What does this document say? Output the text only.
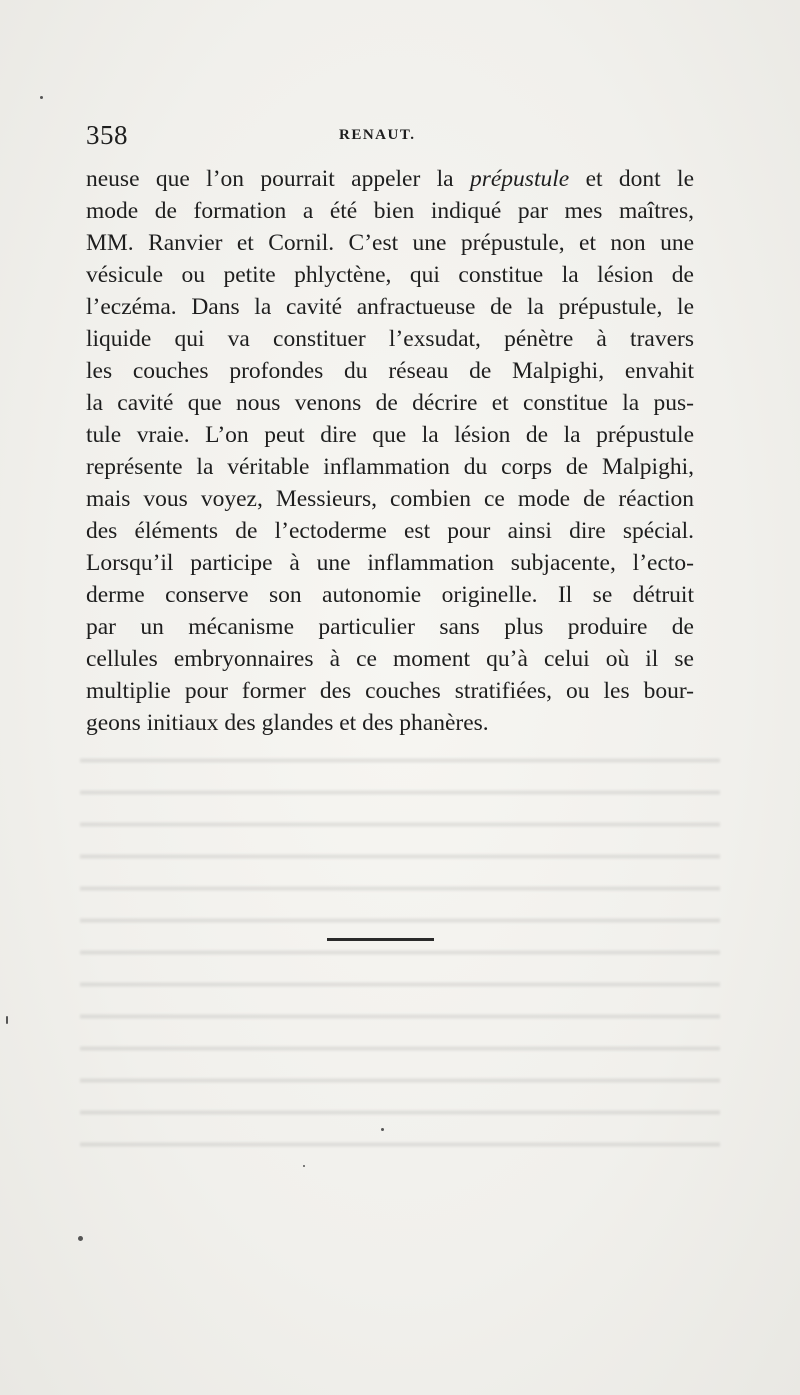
358	RENAUT.
neuse que l’on pourrait appeler la prépustule et dont le
mode de formation a été bien indiqué par mes maîtres,
MM. Ranvier et Cornil. C’est une prépustule, et non une
vésicule ou petite phlyctène, qui constitue la lésion de
l’eczéma. Dans la cavité anfractueuse de la prépustule, le
liquide qui va constituer l’exsudat, pénètre à travers
les couches profondes du réseau de Malpighi, envahit
la cavité que nous venons de décrire et constitue la pus-
tule vraie. L’on peut dire que la lésion de la prépustule
représente la véritable inflammation du corps de Malpighi,
mais vous voyez, Messieurs, combien ce mode de réaction
des éléments de l’ectoderme est pour ainsi dire spécial.
Lorsqu’il participe à une inflammation subjacente, l’ecto-
derme conserve son autonomie originelle. Il se détruit
par un mécanisme particulier sans plus produire de
cellules embryonnaires à ce moment qu’à celui où il se
multiplie pour former des couches stratifiées, ou les bour-
geons initiaux des glandes et des phanères.
